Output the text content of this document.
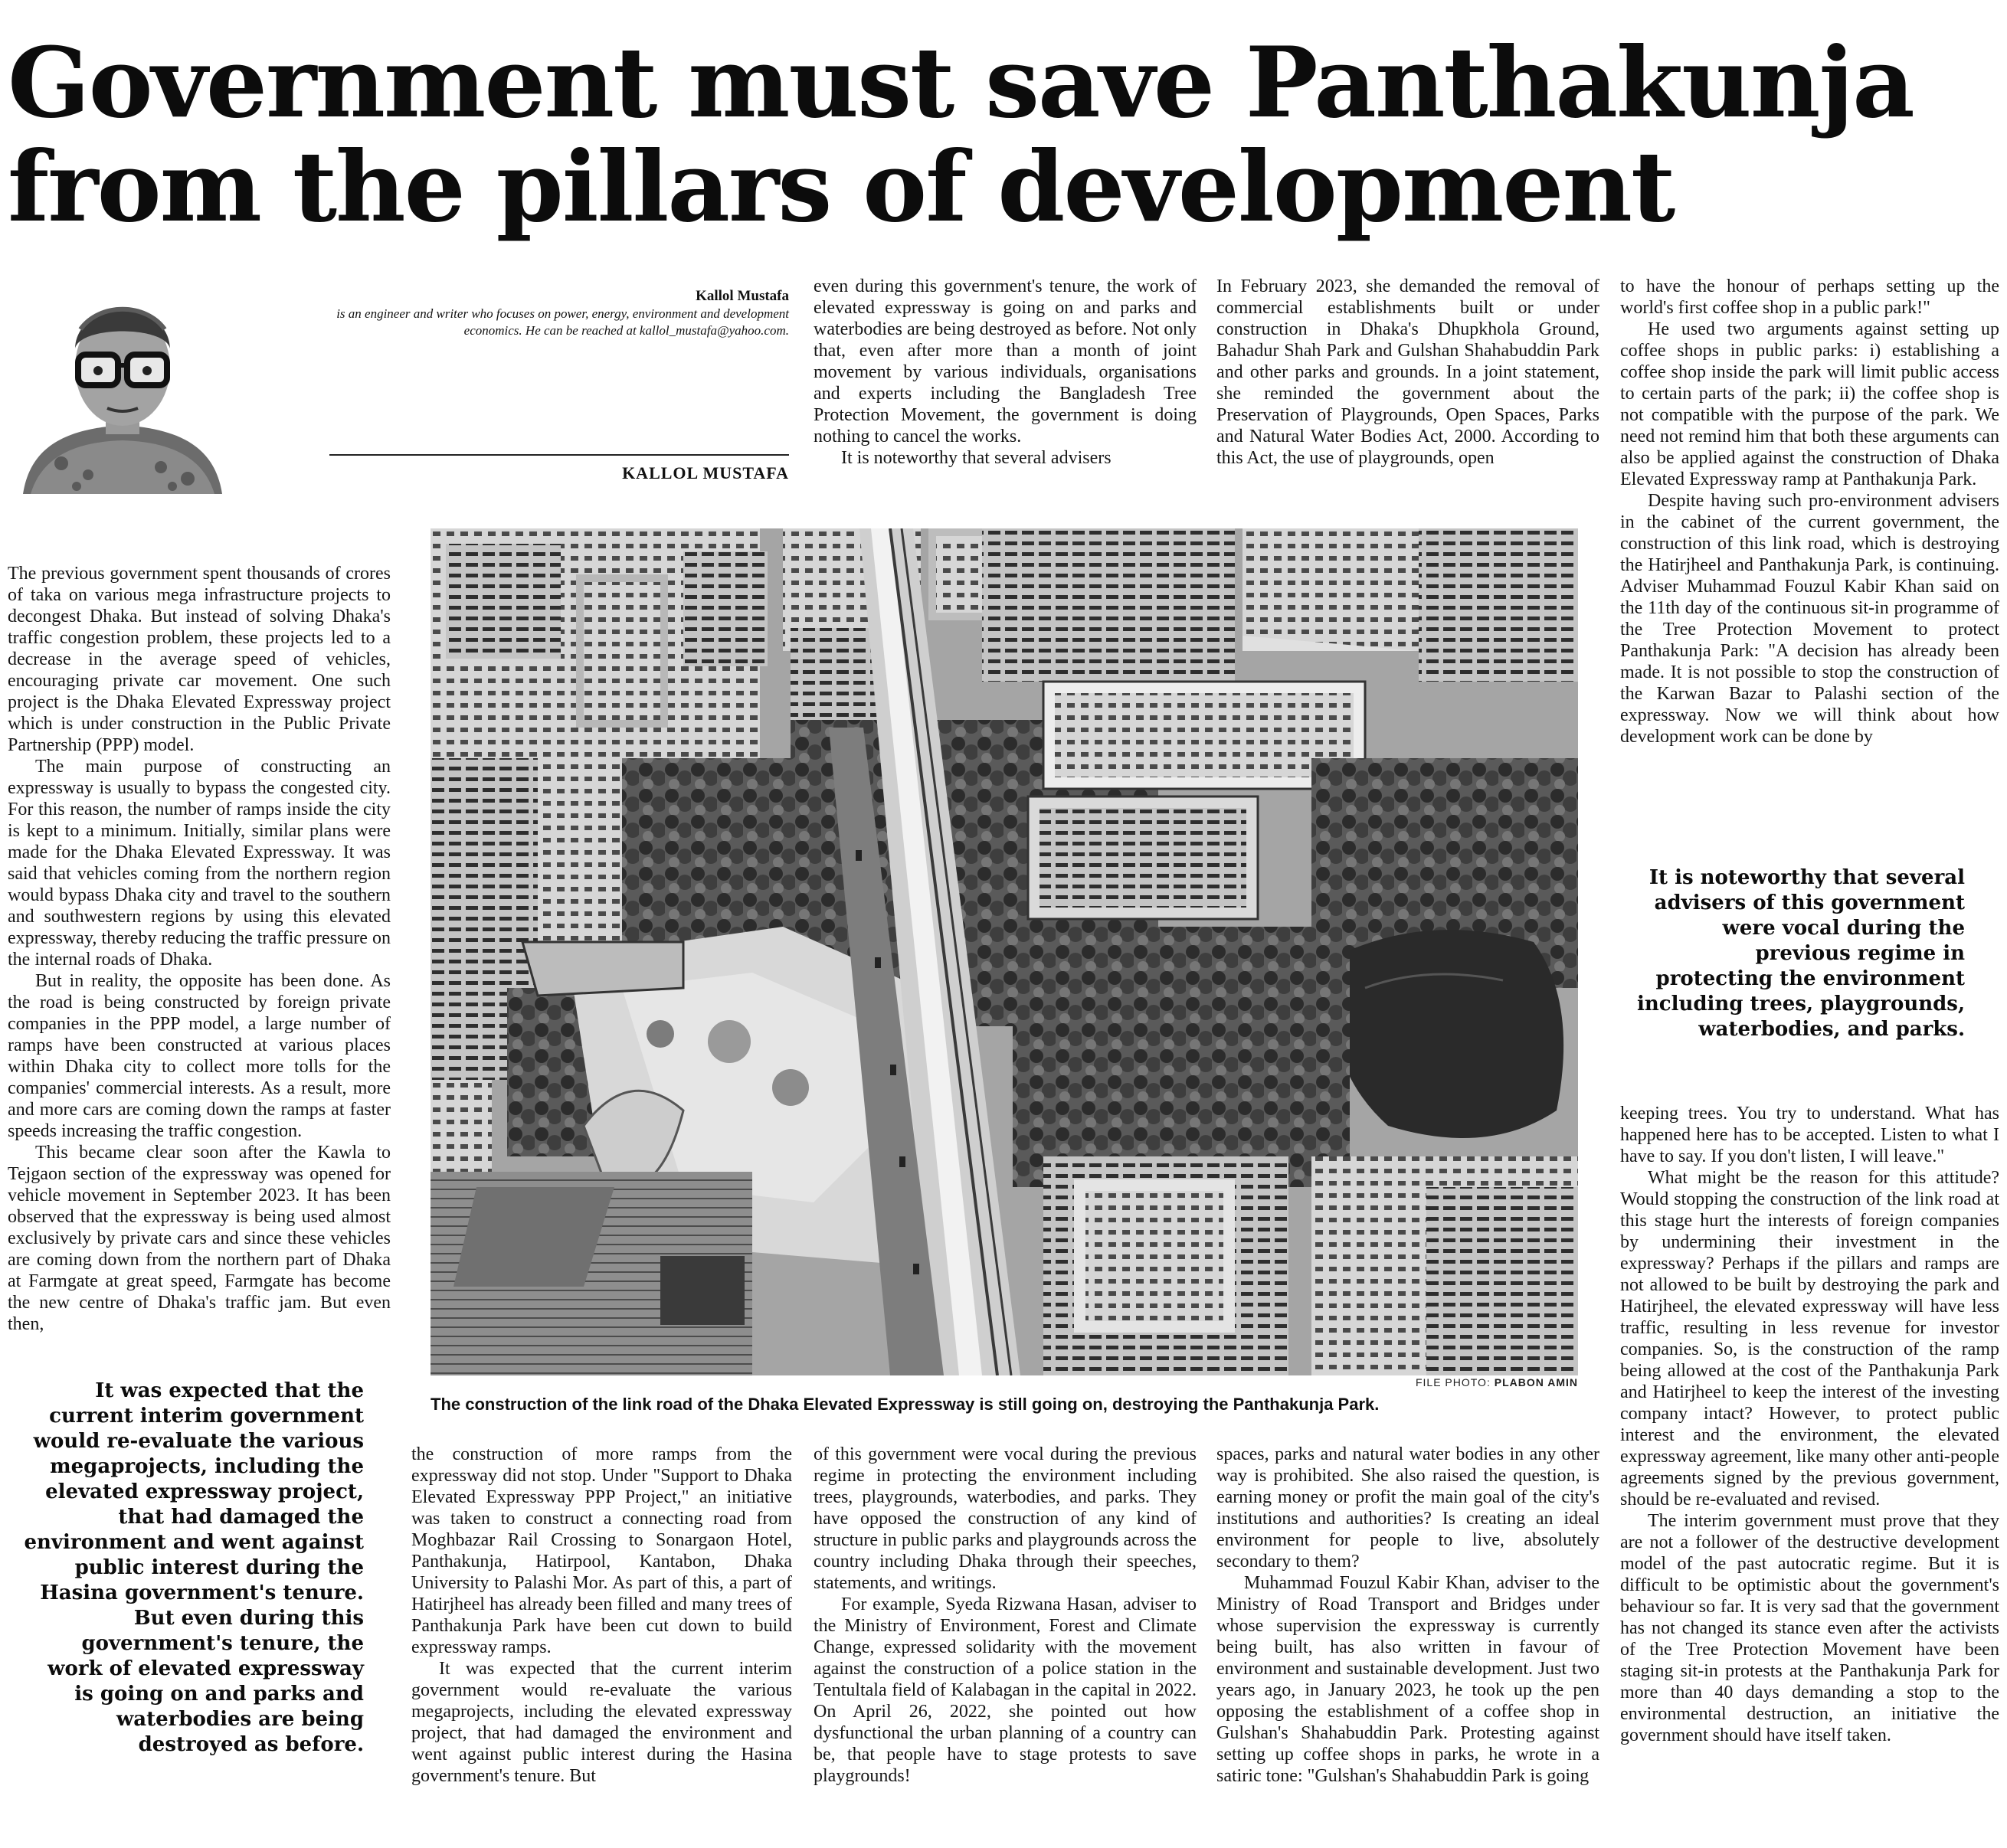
Government must save Panthakunja from the pillars of development
Kallol Mustafa
is an engineer and writer who focuses on power, energy, environment and development economics. He can be reached at kallol_mustafa@yahoo.com.
KALLOL MUSTAFA

The previous government spent thousands of crores of taka on various mega infrastructure projects to decongest Dhaka. But instead of solving Dhaka's traffic congestion problem, these projects led to a decrease in the average speed of vehicles, encouraging private car movement. One such project is the Dhaka Elevated Expressway project which is under construction in the Public Private Partnership (PPP) model.

The main purpose of constructing an expressway is usually to bypass the congested city. For this reason, the number of ramps inside the city is kept to a minimum. Initially, similar plans were made for the Dhaka Elevated Expressway. It was said that vehicles coming from the northern region would bypass Dhaka city and travel to the southern and southwestern regions by using this elevated expressway, thereby reducing the traffic pressure on the internal roads of Dhaka.

But in reality, the opposite has been done. As the road is being constructed by foreign private companies in the PPP model, a large number of ramps have been constructed at various places within Dhaka city to collect more tolls for the companies' commercial interests. As a result, more and more cars are coming down the ramps at faster speeds increasing the traffic congestion.

This became clear soon after the Kawla to Tejgaon section of the expressway was opened for vehicle movement in September 2023. It has been observed that the expressway is being used almost exclusively by private cars and since these vehicles are coming down from the northern part of Dhaka at Farmgate at great speed, Farmgate has become the new centre of Dhaka's traffic jam. But even then,

It was expected that the current interim government would re-evaluate the various megaprojects, including the elevated expressway project, that had damaged the environment and went against public interest during the Hasina government's tenure. But even during this government's tenure, the work of elevated expressway is going on and parks and waterbodies are being destroyed as before.

the construction of more ramps from the expressway did not stop. Under "Support to Dhaka Elevated Expressway PPP Project," an initiative was taken to construct a connecting road from Moghbazar Rail Crossing to Sonargaon Hotel, Panthakunja, Hatirpool, Kantabon, Dhaka University to Palashi Mor. As part of this, a part of Hatirjheel has already been filled and many trees of Panthakunja Park have been cut down to build expressway ramps.

It was expected that the current interim government would re-evaluate the various megaprojects, including the elevated expressway project, that had damaged the environment and went against public interest during the Hasina government's tenure. But

even during this government's tenure, the work of elevated expressway is going on and parks and waterbodies are being destroyed as before. Not only that, even after more than a month of joint movement by various individuals, organisations and experts including the Bangladesh Tree Protection Movement, the government is doing nothing to cancel the works.

It is noteworthy that several advisers

of this government were vocal during the previous regime in protecting the environment including trees, playgrounds, waterbodies, and parks. They have opposed the construction of any kind of structure in public parks and playgrounds across the country including Dhaka through their speeches, statements, and writings.

For example, Syeda Rizwana Hasan, adviser to the Ministry of Environment, Forest and Climate Change, expressed solidarity with the movement against the construction of a police station in the Tentultala field of Kalabagan in the capital in 2022. On April 26, 2022, she pointed out how dysfunctional the urban planning of a country can be, that people have to stage protests to save playgrounds!

In February 2023, she demanded the removal of commercial establishments built or under construction in Dhaka's Dhupkhola Ground, Bahadur Shah Park and Gulshan Shahabuddin Park and other parks and grounds. In a joint statement, she reminded the government about the Preservation of Playgrounds, Open Spaces, Parks and Natural Water Bodies Act, 2000. According to this Act, the use of playgrounds, open

spaces, parks and natural water bodies in any other way is prohibited. She also raised the question, is earning money or profit the main goal of the city's institutions and authorities? Is creating an ideal environment for people to live, absolutely secondary to them?

Muhammad Fouzul Kabir Khan, adviser to the Ministry of Road Transport and Bridges under whose supervision the expressway is currently being built, has also written in favour of environment and sustainable development. Just two years ago, in January 2023, he took up the pen opposing the establishment of a coffee shop in Gulshan's Shahabuddin Park. Protesting against setting up coffee shops in parks, he wrote in a satiric tone: "Gulshan's Shahabuddin Park is going

to have the honour of perhaps setting up the world's first coffee shop in a public park!"

He used two arguments against setting up coffee shops in public parks: i) establishing a coffee shop inside the park will limit public access to certain parts of the park; ii) the coffee shop is not compatible with the purpose of the park. We need not remind him that both these arguments can also be applied against the construction of Dhaka Elevated Expressway ramp at Panthakunja Park.

Despite having such pro-environment advisers in the cabinet of the current government, the construction of this link road, which is destroying the Hatirjheel and Panthakunja Park, is continuing. Adviser Muhammad Fouzul Kabir Khan said on the 11th day of the continuous sit-in programme of the Tree Protection Movement to protect Panthakunja Park: "A decision has already been made. It is not possible to stop the construction of the Karwan Bazar to Palashi section of the expressway. Now we will think about how development work can be done by

It is noteworthy that several advisers of this government were vocal during the previous regime in protecting the environment including trees, playgrounds, waterbodies, and parks.

keeping trees. You try to understand. What has happened here has to be accepted. Listen to what I have to say. If you don't listen, I will leave."

What might be the reason for this attitude? Would stopping the construction of the link road at this stage hurt the interests of foreign companies by undermining their investment in the expressway? Perhaps if the pillars and ramps are not allowed to be built by destroying the park and Hatirjheel, the elevated expressway will have less traffic, resulting in less revenue for investor companies. So, is the construction of the ramp being allowed at the cost of the Panthakunja Park and Hatirjheel to keep the interest of the investing company intact? However, to protect public interest and the environment, the elevated expressway agreement, like many other anti-people agreements signed by the previous government, should be re-evaluated and revised.

The interim government must prove that they are not a follower of the destructive development model of the past autocratic regime. But it is difficult to be optimistic about the government's behaviour so far. It is very sad that the government has not changed its stance even after the activists of the Tree Protection Movement have been staging sit-in protests at the Panthakunja Park for more than 40 days demanding a stop to the environmental destruction, an initiative the government should have itself taken.

FILE PHOTO: PLABON AMIN
The construction of the link road of the Dhaka Elevated Expressway is still going on, destroying the Panthakunja Park.
